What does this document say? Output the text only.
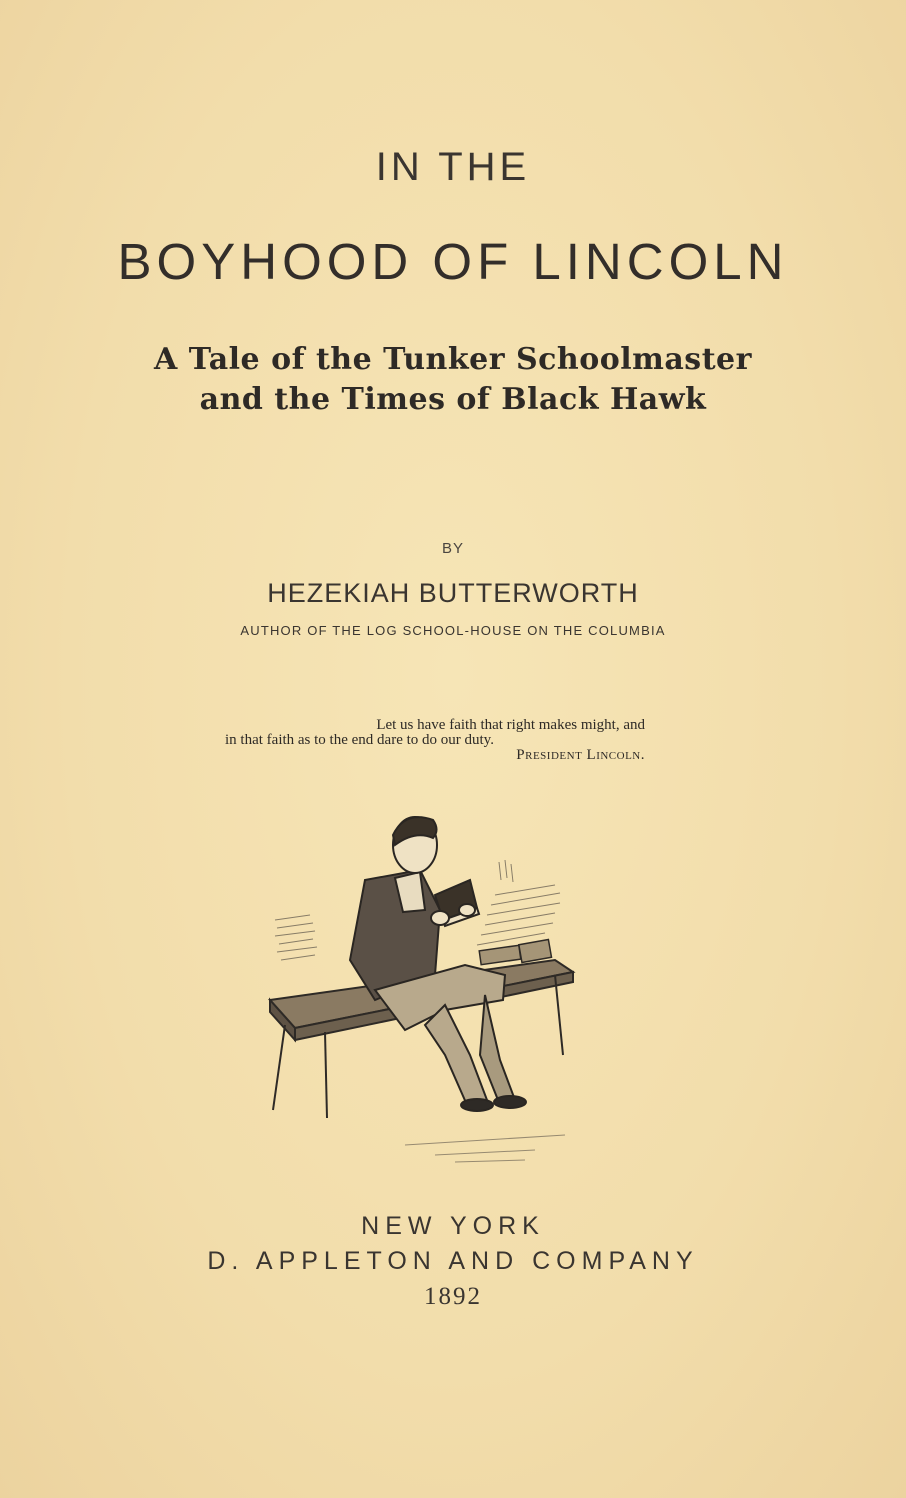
IN THE
BOYHOOD OF LINCOLN
A Tale of the Tunker Schoolmaster
and the Times of Black Hawk
BY
HEZEKIAH BUTTERWORTH
AUTHOR OF THE LOG SCHOOL-HOUSE ON THE COLUMBIA
Let us have faith that right makes might, and
in that faith as to the end dare to do our duty.
President Lincoln.
NEW YORK
D. APPLETON AND COMPANY
1892
